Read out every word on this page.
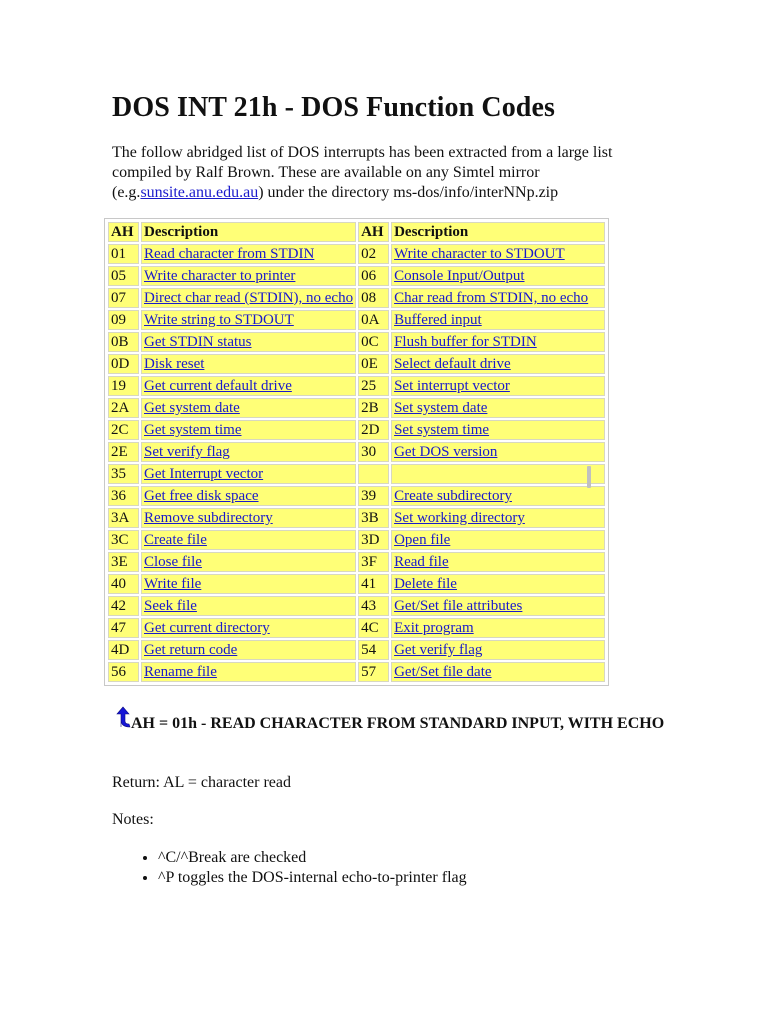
DOS INT 21h - DOS Function Codes

The follow abridged list of DOS interrupts has been extracted from a large list compiled by Ralf Brown. These are available on any Simtel mirror (e.g.sunsite.anu.edu.au) under the directory ms-dos/info/interNNp.zip

AH	Description	AH	Description
01	Read character from STDIN	02	Write character to STDOUT
05	Write character to printer	06	Console Input/Output
07	Direct char read (STDIN), no echo	08	Char read from STDIN, no echo
09	Write string to STDOUT	0A	Buffered input
0B	Get STDIN status	0C	Flush buffer for STDIN
0D	Disk reset	0E	Select default drive
19	Get current default drive	25	Set interrupt vector
2A	Get system date	2B	Set system date
2C	Get system time	2D	Set system time
2E	Set verify flag	30	Get DOS version
35	Get Interrupt vector		
36	Get free disk space	39	Create subdirectory
3A	Remove subdirectory	3B	Set working directory
3C	Create file	3D	Open file
3E	Close file	3F	Read file
40	Write file	41	Delete file
42	Seek file	43	Get/Set file attributes
47	Get current directory	4C	Exit program
4D	Get return code	54	Get verify flag
56	Rename file	57	Get/Set file date
AH = 01h - READ CHARACTER FROM STANDARD INPUT, WITH ECHO

Return: AL = character read

Notes:

• ^C/^Break are checked
• ^P toggles the DOS-internal echo-to-printer flag
